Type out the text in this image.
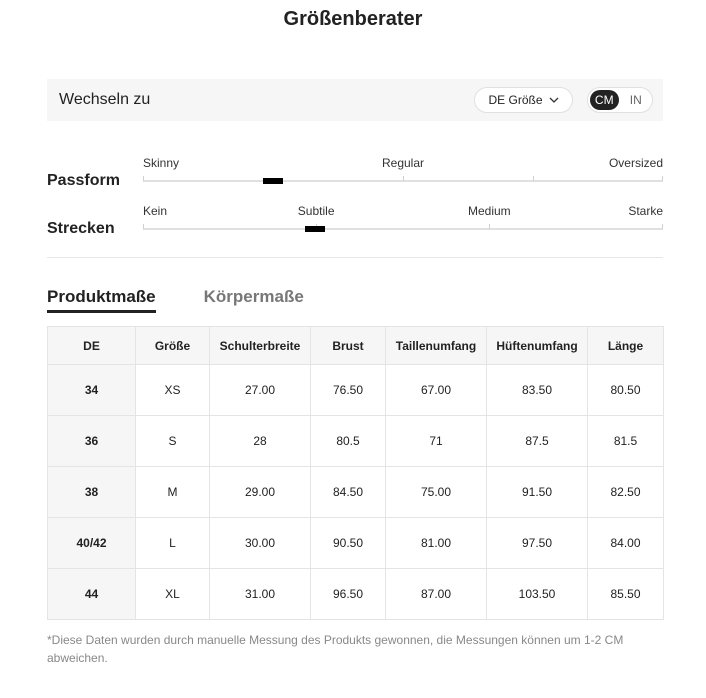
Größenberater
Wechseln zu	DE Größe	CM	IN
Passform
Skinny	Regular	Oversized
Strecken
Kein	Subtile	Medium	Starke
Produktmaße	Körpermaße
DE	Größe	Schulterbreite	Brust	Taillenumfang	Hüftenumfang	Länge
34	XS	27.00	76.50	67.00	83.50	80.50
36	S	28	80.5	71	87.5	81.5
38	M	29.00	84.50	75.00	91.50	82.50
40/42	L	30.00	90.50	81.00	97.50	84.00
44	XL	31.00	96.50	87.00	103.50	85.50
*Diese Daten wurden durch manuelle Messung des Produkts gewonnen, die Messungen können um 1-2 CM abweichen.
